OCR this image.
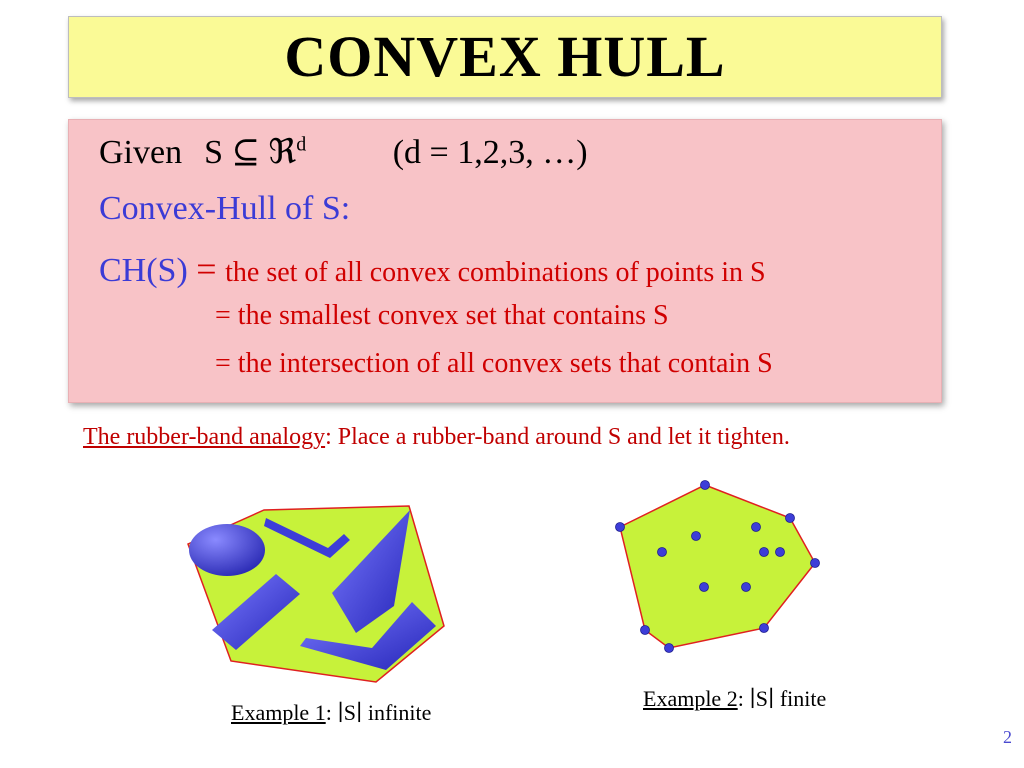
CONVEX HULL
Given S ⊆ ℜ$^d$	(d = 1,2,3, …)
Convex-Hull of S:
CH(S) = the set of all convex combinations of points in S
= the smallest convex set that contains S
= the intersection of all convex sets that contain S
The rubber-band analogy: Place a rubber-band around S and let it tighten.
Example 1: ∣S∣ infinite
Example 2: ∣S∣ finite
2
